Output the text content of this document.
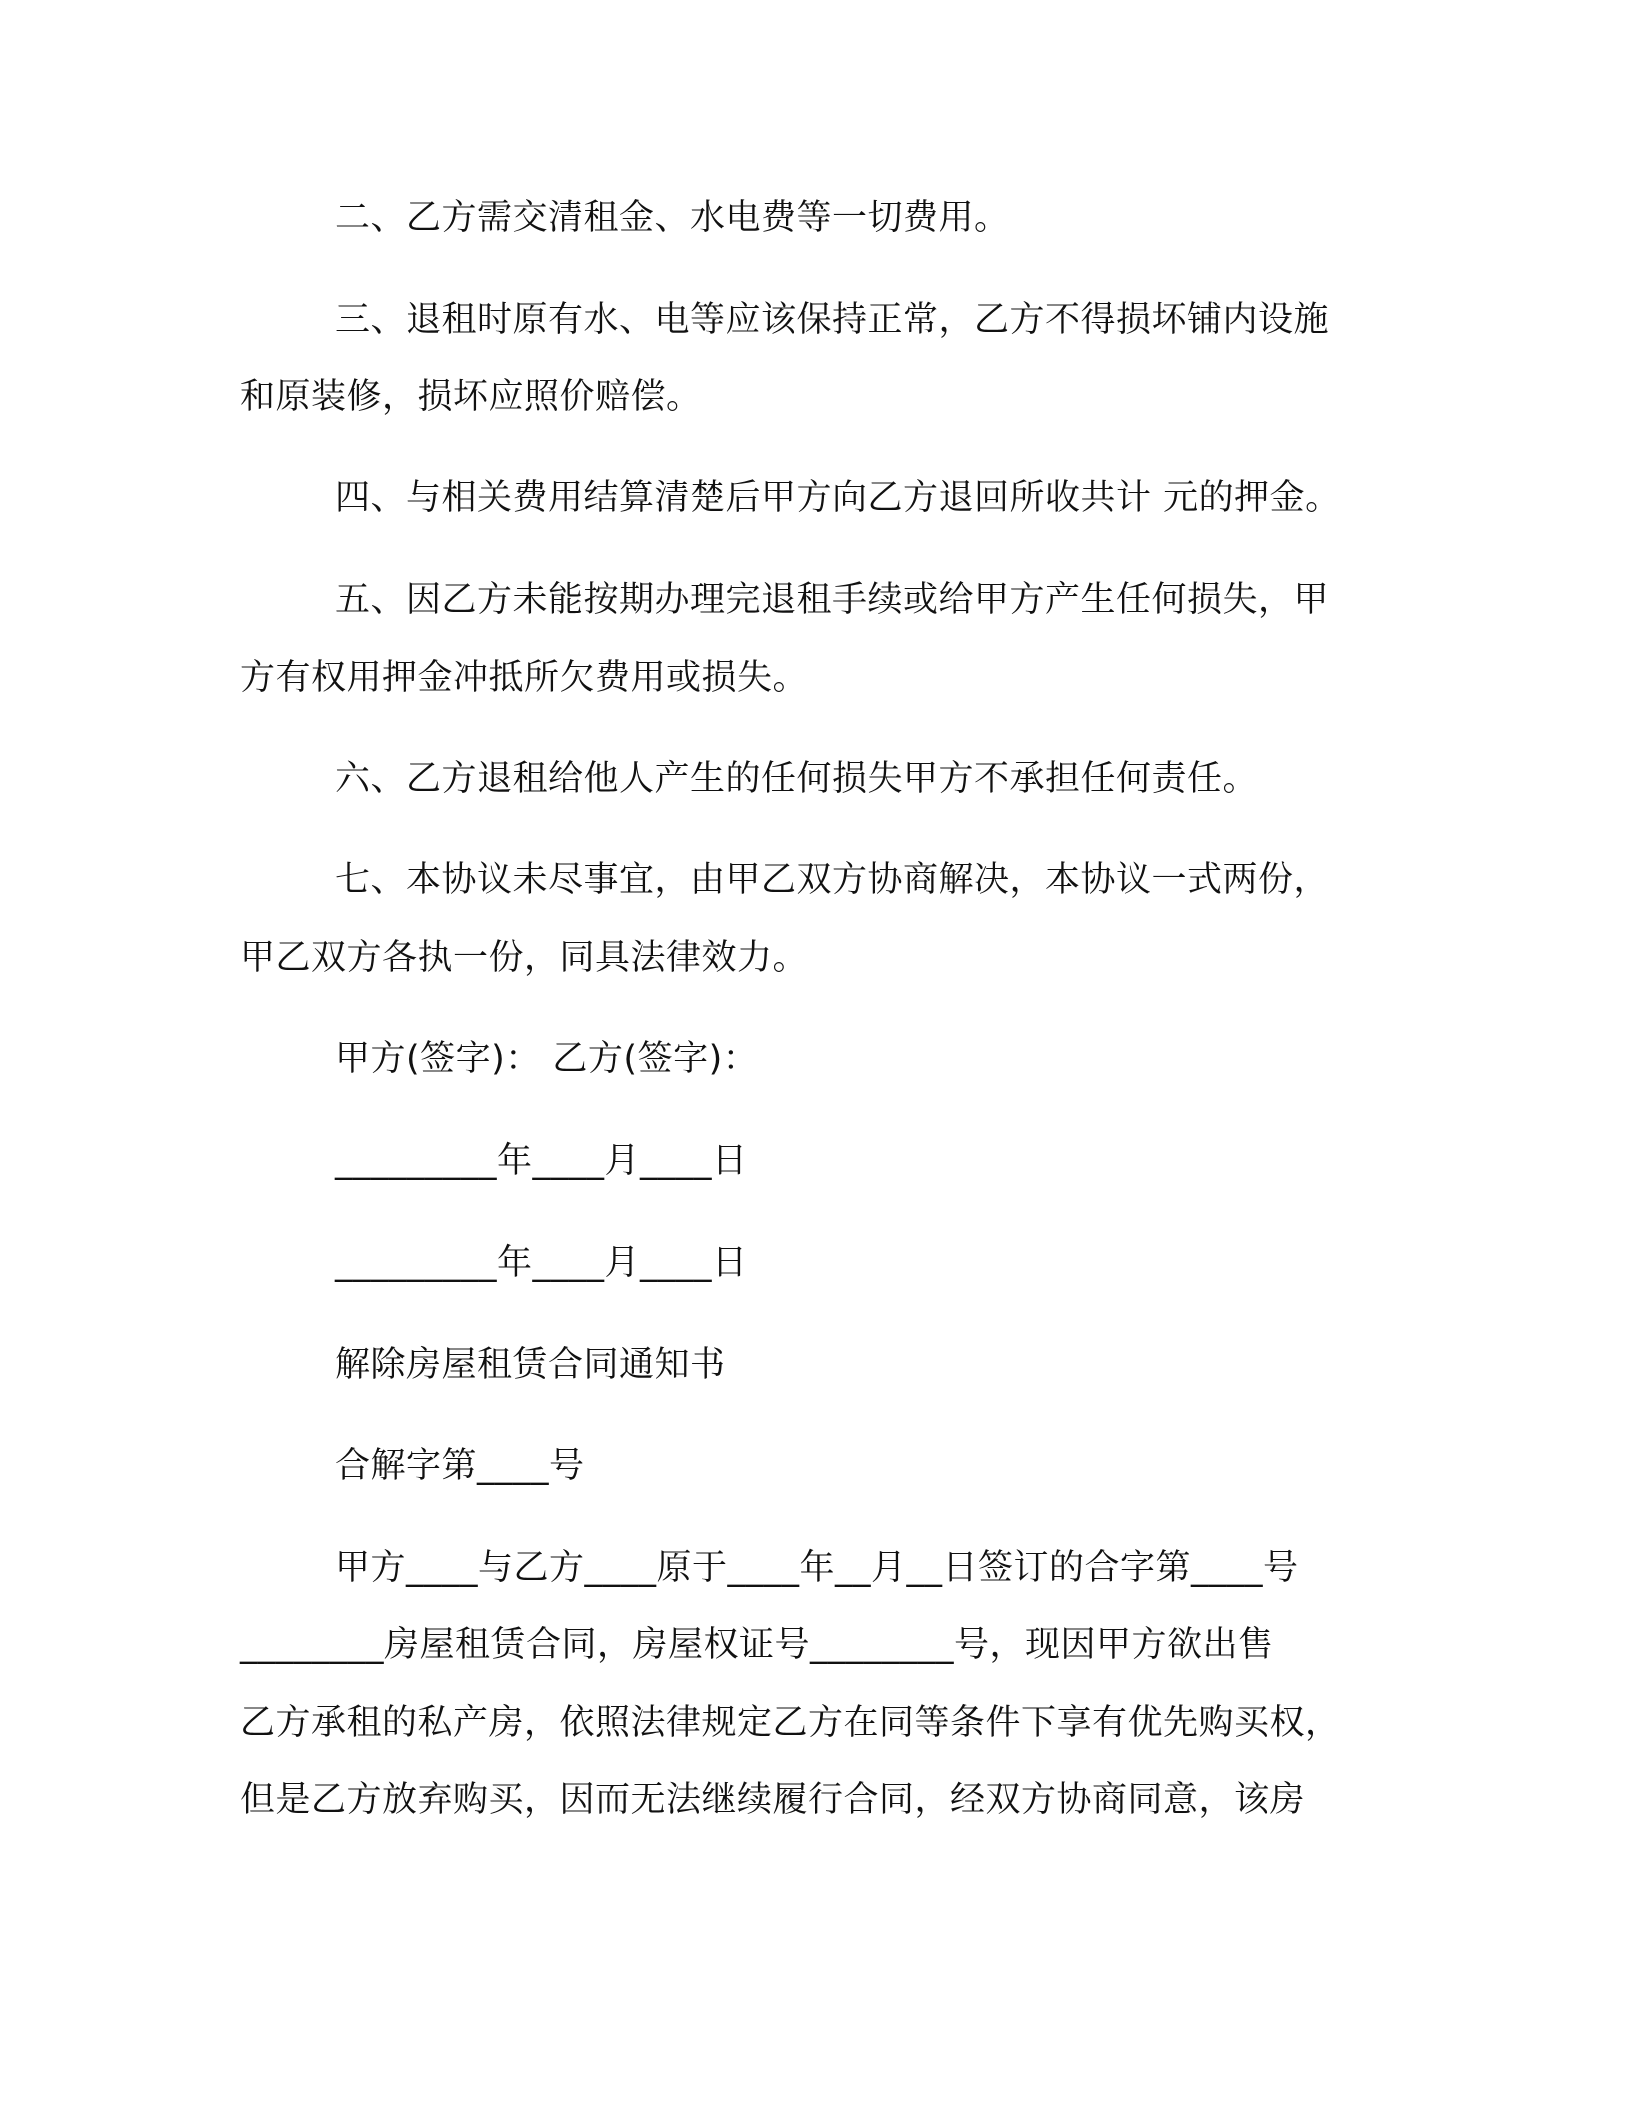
二、乙方需交清租金、水电费等一切费用。
三、退租时原有水、电等应该保持正常，乙方不得损坏铺内设施
和原装修，损坏应照价赔偿。
四、与相关费用结算清楚后甲方向乙方退回所收共计 元的押金。
五、因乙方未能按期办理完退租手续或给甲方产生任何损失，甲
方有权用押金冲抵所欠费用或损失。
六、乙方退租给他人产生的任何损失甲方不承担任何责任。
七、本协议未尽事宜，由甲乙双方协商解决，本协议一式两份，
甲乙双方各执一份，同具法律效力。
甲方(签字)： 乙方(签字)：
_________年____月____日
_________年____月____日
解除房屋租赁合同通知书
合解字第____号
甲方____与乙方____原于____年__月__日签订的合字第____号
________房屋租赁合同，房屋权证号________号，现因甲方欲出售
乙方承租的私产房，依照法律规定乙方在同等条件下享有优先购买权，
但是乙方放弃购买，因而无法继续履行合同，经双方协商同意，该房
